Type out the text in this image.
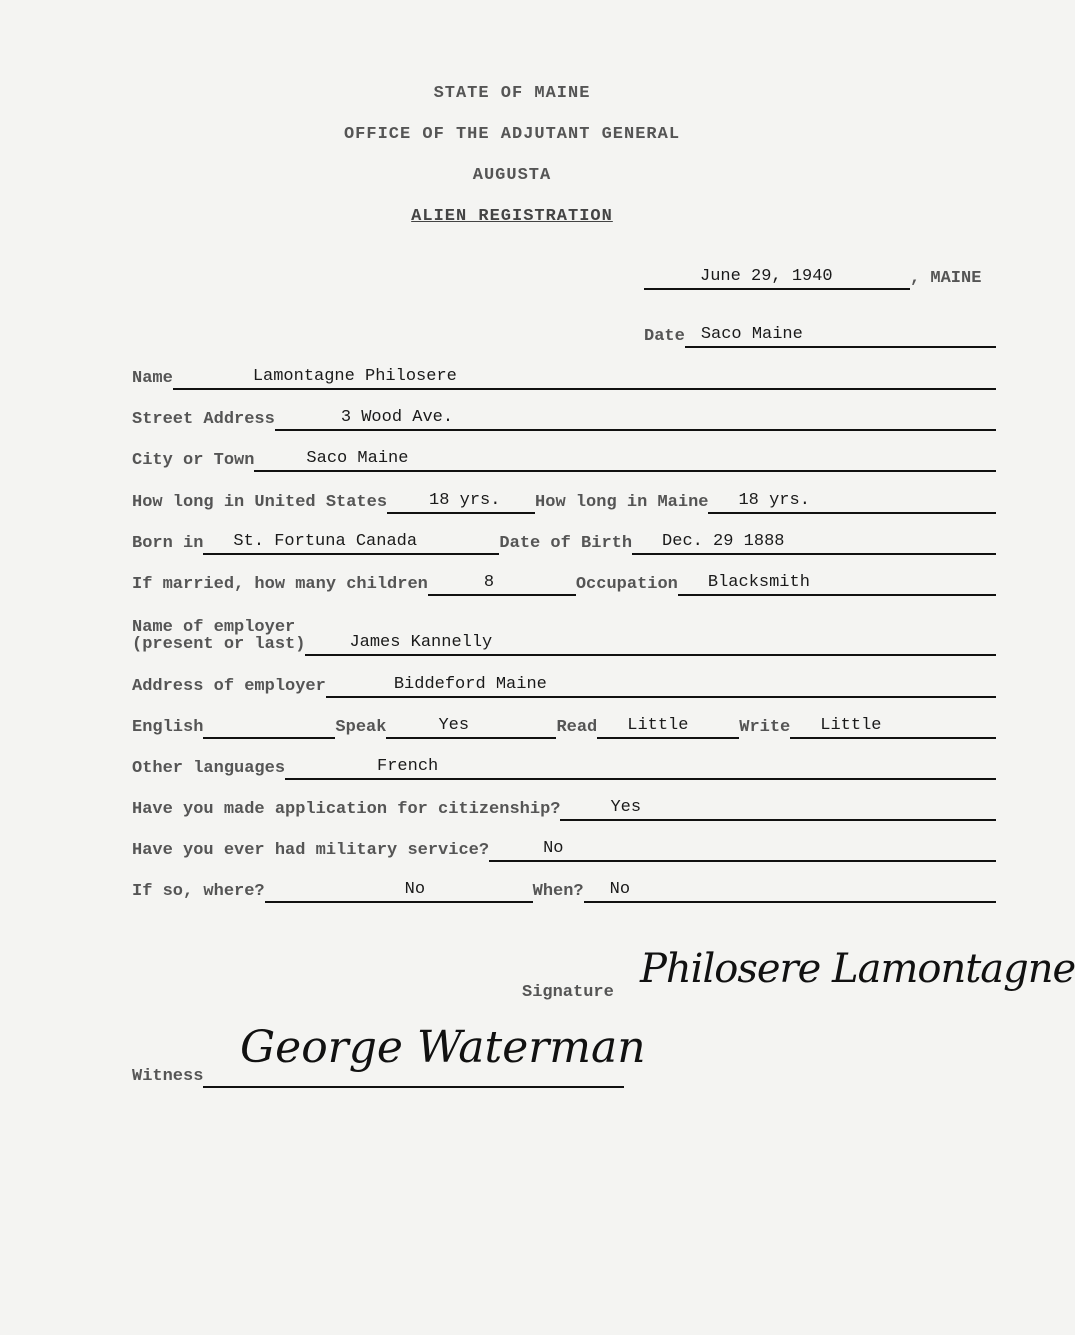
STATE OF MAINE
OFFICE OF THE ADJUTANT GENERAL
AUGUSTA
ALIEN REGISTRATION
June 29, 1940	, MAINE
Date Saco Maine
Name	Lamontagne Philosere
Street Address	3 Wood Ave.
City or Town	Saco Maine
How long in United States 18 yrs. How long in Maine 18 yrs.
Born in St. Fortuna Canada	Date of Birth Dec. 29 1888
If married, how many children	8	Occupation Blacksmith
Name of employer
(present or last)	James Kannelly
Address of employer	Biddeford Maine
English	Speak	Yes	Read Little	Write Little
Other languages	French
Have you made application for citizenship?	Yes
Have you ever had military service?	No
If so, where?	No	When? No
Signature
Philosere Lamontagne
Witness
George Waterman
